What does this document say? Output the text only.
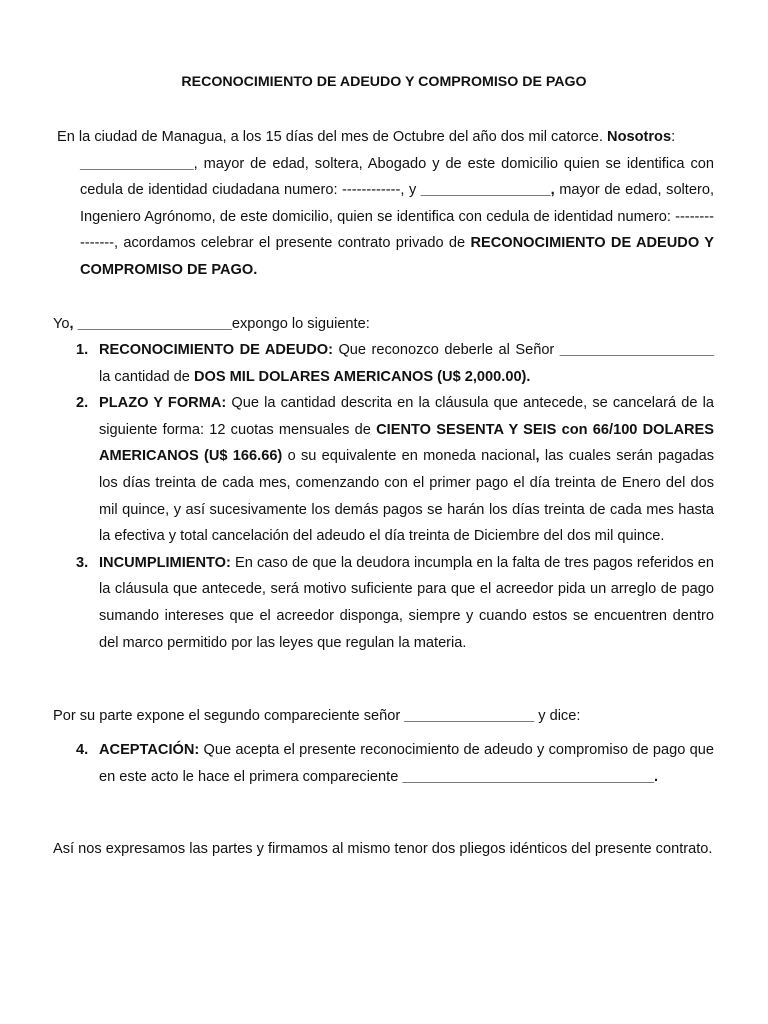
RECONOCIMIENTO DE ADEUDO Y COMPROMISO DE PAGO
En la ciudad de Managua, a los 15 días del mes de Octubre del año dos mil catorce. Nosotros:
______________, mayor de edad, soltera, Abogado y de este domicilio quien se identifica con cedula de identidad ciudadana numero: ------------, y ________________, mayor de edad, soltero, Ingeniero Agrónomo, de este domicilio, quien se identifica con cedula de identidad numero: ---------------, acordamos celebrar el presente contrato privado de RECONOCIMIENTO DE ADEUDO Y COMPROMISO DE PAGO.
Yo, ___________________expongo lo siguiente:
1. RECONOCIMIENTO DE ADEUDO: Que reconozco deberle al Señor ___________________ la cantidad de DOS MIL DOLARES AMERICANOS (U$ 2,000.00).
2. PLAZO Y FORMA: Que la cantidad descrita en la cláusula que antecede, se cancelará de la siguiente forma: 12 cuotas mensuales de CIENTO SESENTA Y SEIS con 66/100 DOLARES AMERICANOS (U$ 166.66) o su equivalente en moneda nacional, las cuales serán pagadas los días treinta de cada mes, comenzando con el primer pago el día treinta de Enero del dos mil quince, y así sucesivamente los demás pagos se harán los días treinta de cada mes hasta la efectiva y total cancelación del adeudo el día treinta de Diciembre del dos mil quince.
3. INCUMPLIMIENTO: En caso de que la deudora incumpla en la falta de tres pagos referidos en la cláusula que antecede, será motivo suficiente para que el acreedor pida un arreglo de pago sumando intereses que el acreedor disponga, siempre y cuando estos se encuentren dentro del marco permitido por las leyes que regulan la materia.
Por su parte expone el segundo compareciente señor ________________ y dice:
4. ACEPTACIÓN: Que acepta el presente reconocimiento de adeudo y compromiso de pago que en este acto le hace el primera compareciente _______________________________.
Así nos expresamos las partes y firmamos al mismo tenor dos pliegos idénticos del presente contrato.
